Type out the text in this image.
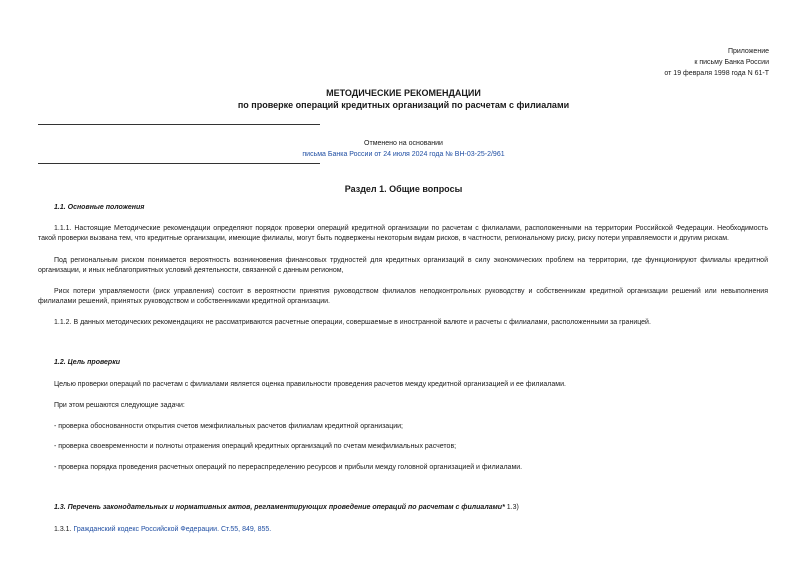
Приложение
к письму Банка России
от 19 февраля 1998 года N 61-Т
МЕТОДИЧЕСКИЕ РЕКОМЕНДАЦИИ
по проверке операций кредитных организаций по расчетам с филиалами
Отменено на основании
письма Банка России от 24 июля 2024 года № ВН-03-25-2/961
Раздел 1. Общие вопросы
1.1. Основные положения
1.1.1. Настоящие Методические рекомендации определяют порядок проверки операций кредитной организации по расчетам с филиалами, расположенными на территории Российской Федерации. Необходимость такой проверки вызвана тем, что кредитные организации, имеющие филиалы, могут быть подвержены некоторым видам рисков, в частности, региональному риску, риску потери управляемости и другим рискам.
Под региональным риском понимается вероятность возникновения финансовых трудностей для кредитных организаций в силу экономических проблем на территории, где функционируют филиалы кредитной организации, и иных неблагоприятных условий деятельности, связанной с данным регионом,
Риск потери управляемости (риск управления) состоит в вероятности принятия руководством филиалов неподконтрольных руководству и собственникам кредитной организации решений или невыполнения филиалами решений, принятых руководством и собственниками кредитной организации.
1.1.2. В данных методических рекомендациях не рассматриваются расчетные операции, совершаемые в иностранной валюте и расчеты с филиалами, расположенными за границей.
1.2. Цель проверки
Целью проверки операций по расчетам с филиалами является оценка правильности проведения расчетов между кредитной организацией и ее филиалами.
При этом решаются следующие задачи:
- проверка обоснованности открытия счетов межфилиальных расчетов филиалам кредитной организации;
- проверка своевременности и полноты отражения операций кредитных организаций по счетам межфилиальных расчетов;
- проверка порядка проведения расчетных операций по перераспределению ресурсов и прибыли между головной организацией и филиалами.
1.3. Перечень законодательных и нормативных актов, регламентирующих проведение операций по расчетам с филиалами* 1.3)
1.3.1. Гражданский кодекс Российской Федерации. Ст.55, 849, 855.
